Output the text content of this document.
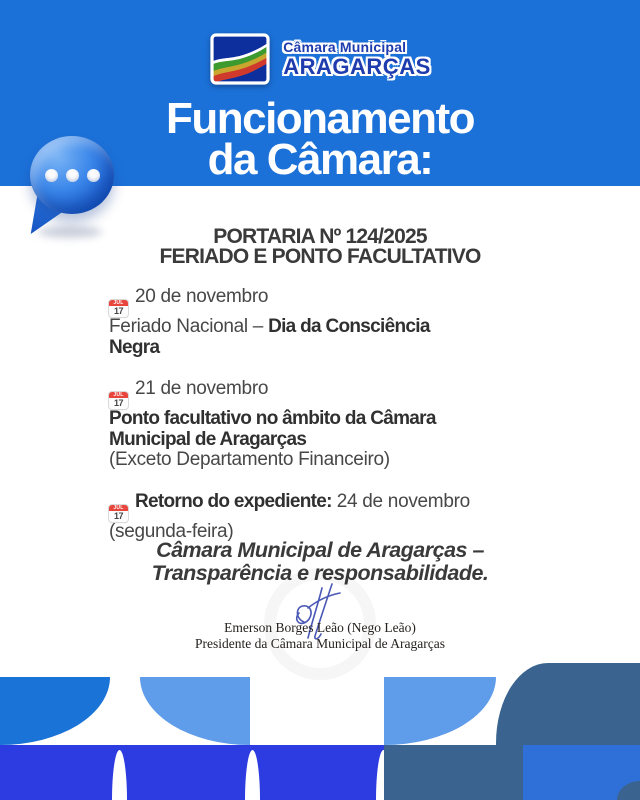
Câmara Municipal
ARAGARÇAS
Funcionamento
da Câmara:
PORTARIA Nº 124/2025
FERIADO E PONTO FACULTATIVO
JUL
17
20 de novembro
Feriado Nacional – Dia da Consciência
Negra
JUL
17
21 de novembro
Ponto facultativo no âmbito da Câmara
Municipal de Aragarças
(Exceto Departamento Financeiro)
JUL
17
Retorno do expediente: 24 de novembro
(segunda-feira)
Câmara Municipal de Aragarças –
Transparência e responsabilidade.
Emerson Borges Leão (Nego Leão)
Presidente da Câmara Municipal de Aragarças
